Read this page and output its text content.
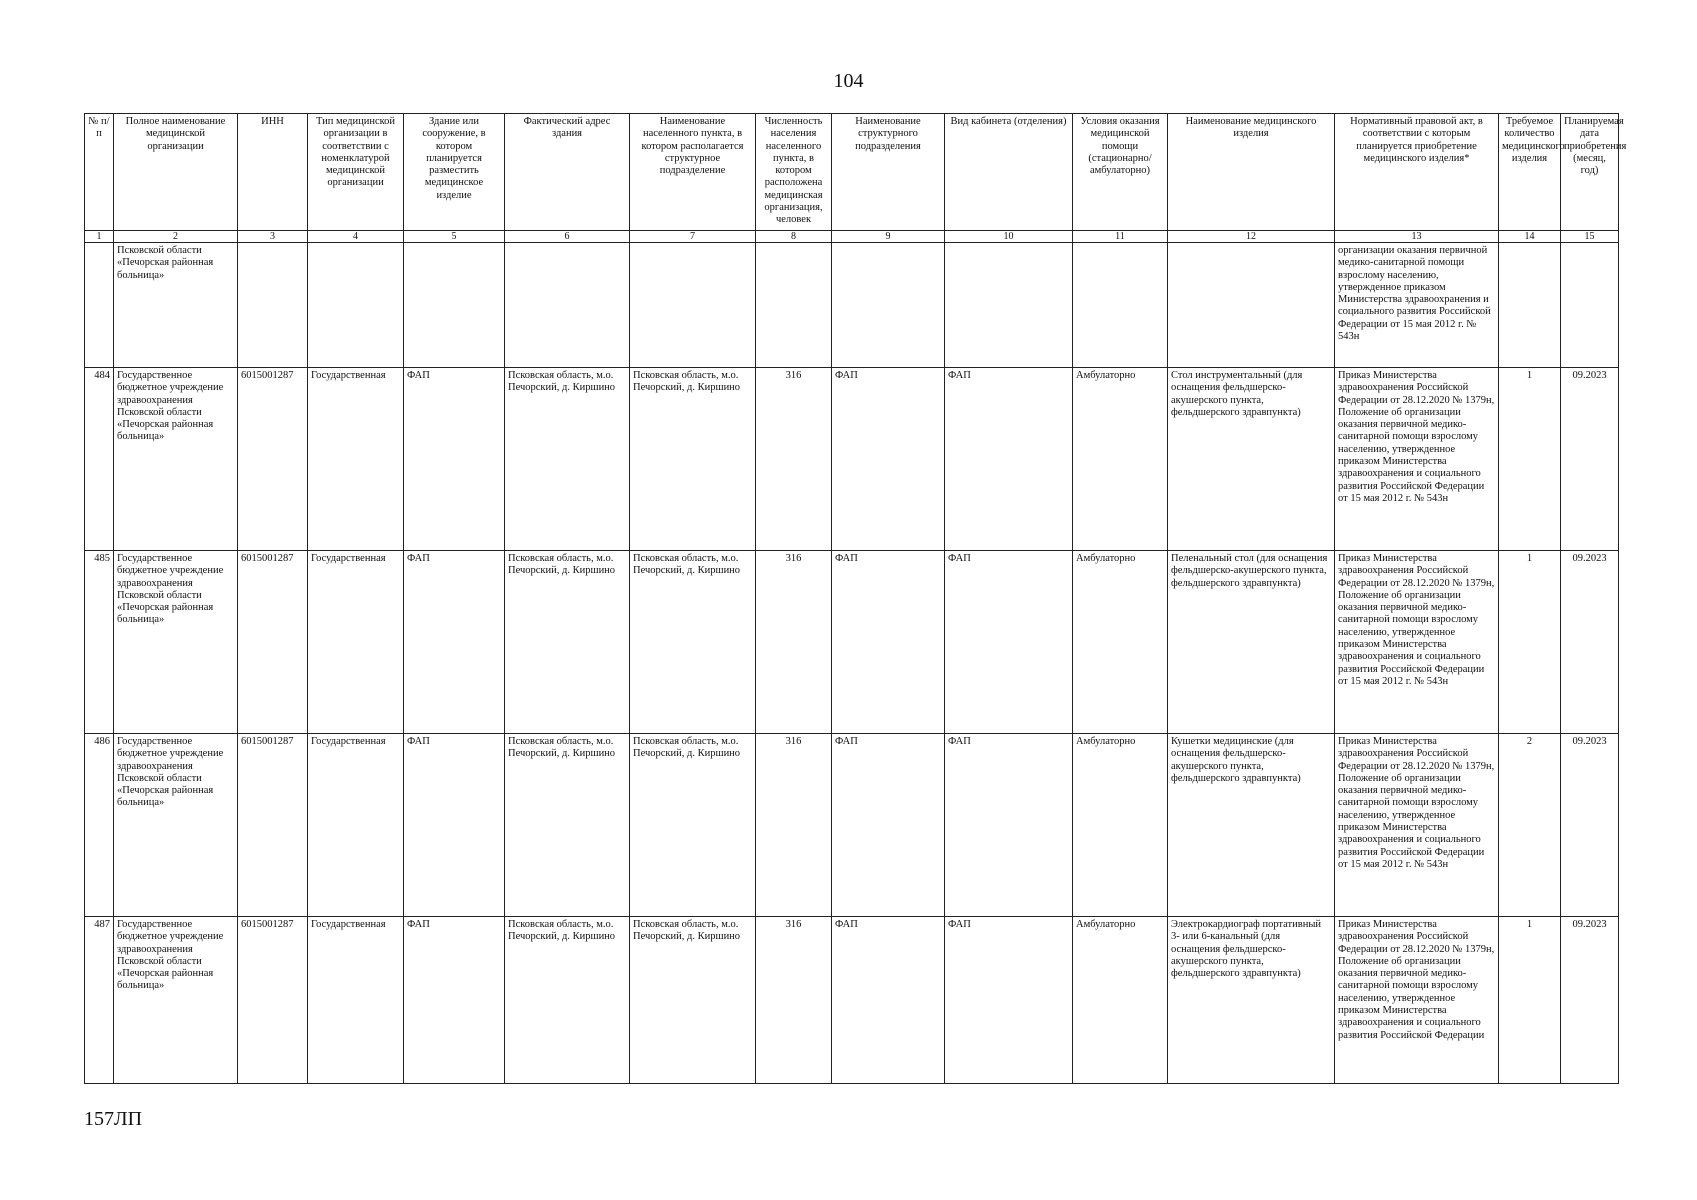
104
№ п/п	Полное наименование медицинской организации	ИНН	Тип медицинской организации в соответствии с номенклатурой медицинской организации	Здание или сооружение, в котором планируется разместить медицинское изделие	Фактический адрес здания	Наименование населенного пункта, в котором располагается структурное подразделение	Численность населения населенного пункта, в котором расположена медицинская организация, человек	Наименование структурного подразделения	Вид кабинета (отделения)	Условия оказания медицинской помощи (стационарно/ амбулаторно)	Наименование медицинского изделия	Нормативный правовой акт, в соответствии с которым планируется приобретение медицинского изделия*	Требуемое количество медицинского изделия	Планируемая дата приобретения (месяц, год)
1	2	3	4	5	6	7	8	9	10	11	12	13	14	15
	Псковской области «Печорская районная больница»											организации оказания первичной медико-санитарной помощи взрослому населению, утвержденное приказом Министерства здравоохранения и социального развития Российской Федерации от 15 мая 2012 г. № 543н		
484	Государственное бюджетное учреждение здравоохранения Псковской области «Печорская районная больница»	6015001287	Государственная	ФАП	Псковская область, м.о. Печорский, д. Киршино	Псковская область, м.о. Печорский, д. Киршино	316	ФАП	ФАП	Амбулаторно	Стол инструментальный (для оснащения фельдшерско-акушерского пункта, фельдшерского здравпункта)	Приказ Министерства здравоохранения Российской Федерации от 28.12.2020 № 1379н, Положение об организации оказания первичной медико-санитарной помощи взрослому населению, утвержденное приказом Министерства здравоохранения и социального развития Российской Федерации от 15 мая 2012 г. № 543н	1	09.2023
485	Государственное бюджетное учреждение здравоохранения Псковской области «Печорская районная больница»	6015001287	Государственная	ФАП	Псковская область, м.о. Печорский, д. Киршино	Псковская область, м.о. Печорский, д. Киршино	316	ФАП	ФАП	Амбулаторно	Пеленальный стол (для оснащения фельдшерско-акушерского пункта, фельдшерского здравпункта)	Приказ Министерства здравоохранения Российской Федерации от 28.12.2020 № 1379н, Положение об организации оказания первичной медико-санитарной помощи взрослому населению, утвержденное приказом Министерства здравоохранения и социального развития Российской Федерации от 15 мая 2012 г. № 543н	1	09.2023
486	Государственное бюджетное учреждение здравоохранения Псковской области «Печорская районная больница»	6015001287	Государственная	ФАП	Псковская область, м.о. Печорский, д. Киршино	Псковская область, м.о. Печорский, д. Киршино	316	ФАП	ФАП	Амбулаторно	Кушетки медицинские (для оснащения фельдшерско-акушерского пункта, фельдшерского здравпункта)	Приказ Министерства здравоохранения Российской Федерации от 28.12.2020 № 1379н, Положение об организации оказания первичной медико-санитарной помощи взрослому населению, утвержденное приказом Министерства здравоохранения и социального развития Российской Федерации от 15 мая 2012 г. № 543н	2	09.2023
487	Государственное бюджетное учреждение здравоохранения Псковской области «Печорская районная больница»	6015001287	Государственная	ФАП	Псковская область, м.о. Печорский, д. Киршино	Псковская область, м.о. Печорский, д. Киршино	316	ФАП	ФАП	Амбулаторно	Электрокардиограф портативный 3- или 6-канальный (для оснащения фельдшерско-акушерского пункта, фельдшерского здравпункта)	Приказ Министерства здравоохранения Российской Федерации от 28.12.2020 № 1379н, Положение об организации оказания первичной медико-санитарной помощи взрослому населению, утвержденное приказом Министерства здравоохранения и социального развития Российской Федерации	1	09.2023
157ЛП
